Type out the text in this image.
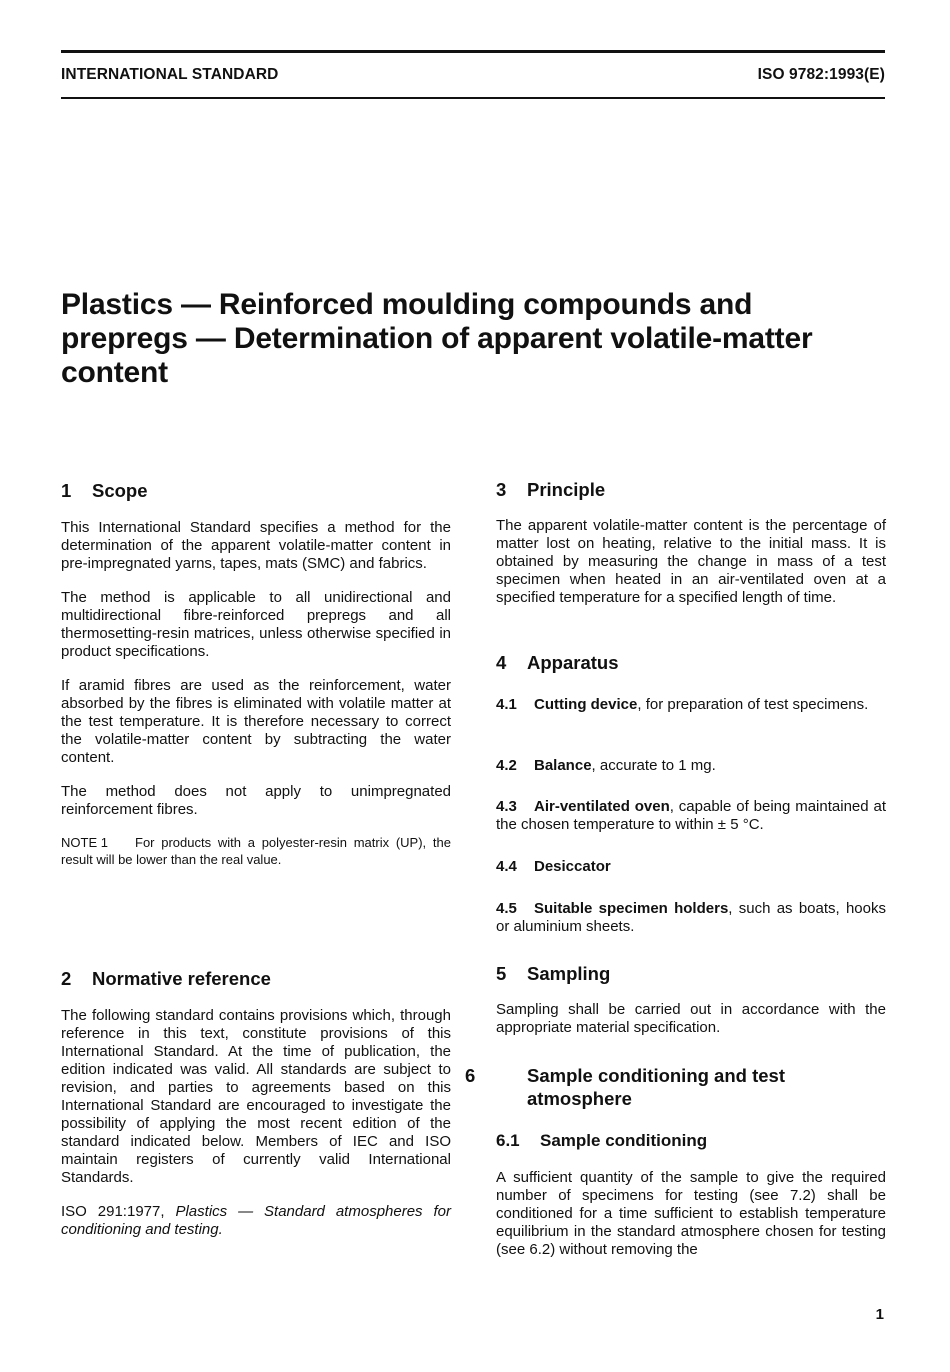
INTERNATIONAL STANDARD	ISO 9782:1993(E)
Plastics — Reinforced moulding compounds and prepregs — Determination of apparent volatile-matter content
1 Scope

This International Standard specifies a method for the determination of the apparent volatile-matter content in pre-impregnated yarns, tapes, mats (SMC) and fabrics.

The method is applicable to all unidirectional and multidirectional fibre-reinforced prepregs and all thermosetting-resin matrices, unless otherwise specified in product specifications.

If aramid fibres are used as the reinforcement, water absorbed by the fibres is eliminated with volatile matter at the test temperature. It is therefore necessary to correct the volatile-matter content by subtracting the water content.

The method does not apply to unimpregnated reinforcement fibres.

NOTE 1 For products with a polyester-resin matrix (UP), the result will be lower than the real value.

2 Normative reference

The following standard contains provisions which, through reference in this text, constitute provisions of this International Standard. At the time of publication, the edition indicated was valid. All standards are subject to revision, and parties to agreements based on this International Standard are encouraged to investigate the possibility of applying the most recent edition of the standard indicated below. Members of IEC and ISO maintain registers of currently valid International Standards.

ISO 291:1977, Plastics — Standard atmospheres for conditioning and testing.

3 Principle

The apparent volatile-matter content is the percentage of matter lost on heating, relative to the initial mass. It is obtained by measuring the change in mass of a test specimen when heated in an air-ventilated oven at a specified temperature for a specified length of time.

4 Apparatus

4.1 Cutting device, for preparation of test specimens.

4.2 Balance, accurate to 1 mg.

4.3 Air-ventilated oven, capable of being maintained at the chosen temperature to within ± 5 °C.

4.4 Desiccator

4.5 Suitable specimen holders, such as boats, hooks or aluminium sheets.

5 Sampling

Sampling shall be carried out in accordance with the appropriate material specification.

6	Sample conditioning and test atmosphere
6.1 Sample conditioning

A sufficient quantity of the sample to give the required number of specimens for testing (see 7.2) shall be conditioned for a time sufficient to establish temperature equilibrium in the standard atmosphere chosen for testing (see 6.2) without removing the

1
